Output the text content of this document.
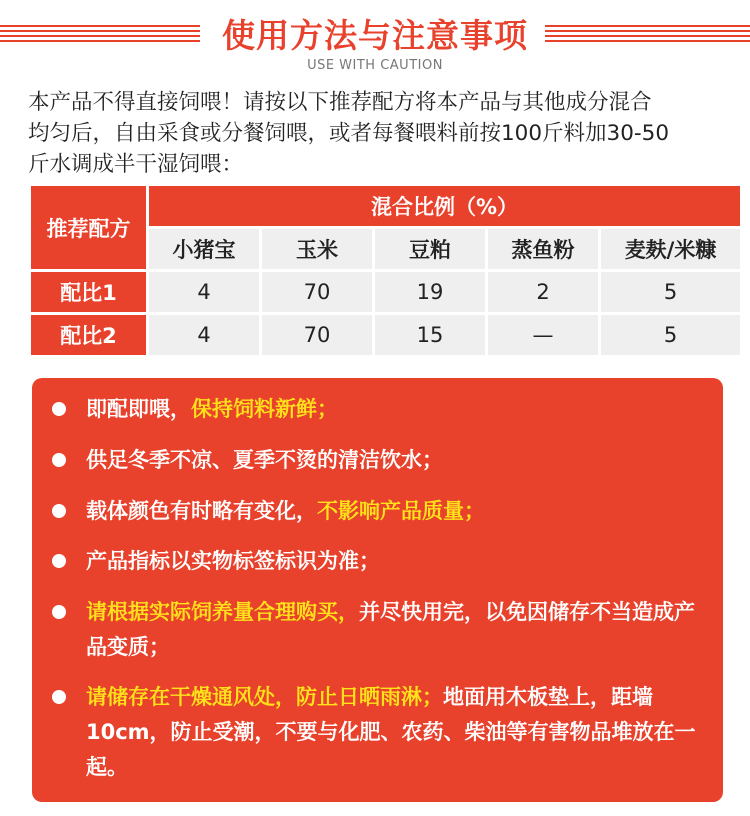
使用方法与注意事项
USE WITH CAUTION

本产品不得直接饲喂！请按以下推荐配方将本产品与其他成分混合

均匀后，自由采食或分餐饲喂，或者每餐喂料前按100斤料加30-50

斤水调成半干湿饲喂：

推荐配方	混合比例（%）				
	小猪宝	玉米	豆粕	蒸鱼粉	麦麸/米糠
配比1	4	70	19	2	5
配比2	4	70	15	—	5
即配即喂，保持饲料新鲜；
供足冬季不凉、夏季不烫的清洁饮水；
载体颜色有时略有变化，不影响产品质量；
产品指标以实物标签标识为准；
请根据实际饲养量合理购买，并尽快用完，以免因储存不当造成产品变质；
请储存在干燥通风处，防止日晒雨淋；地面用木板垫上，距墙10cm，防止受潮，不要与化肥、农药、柴油等有害物品堆放在一起。
